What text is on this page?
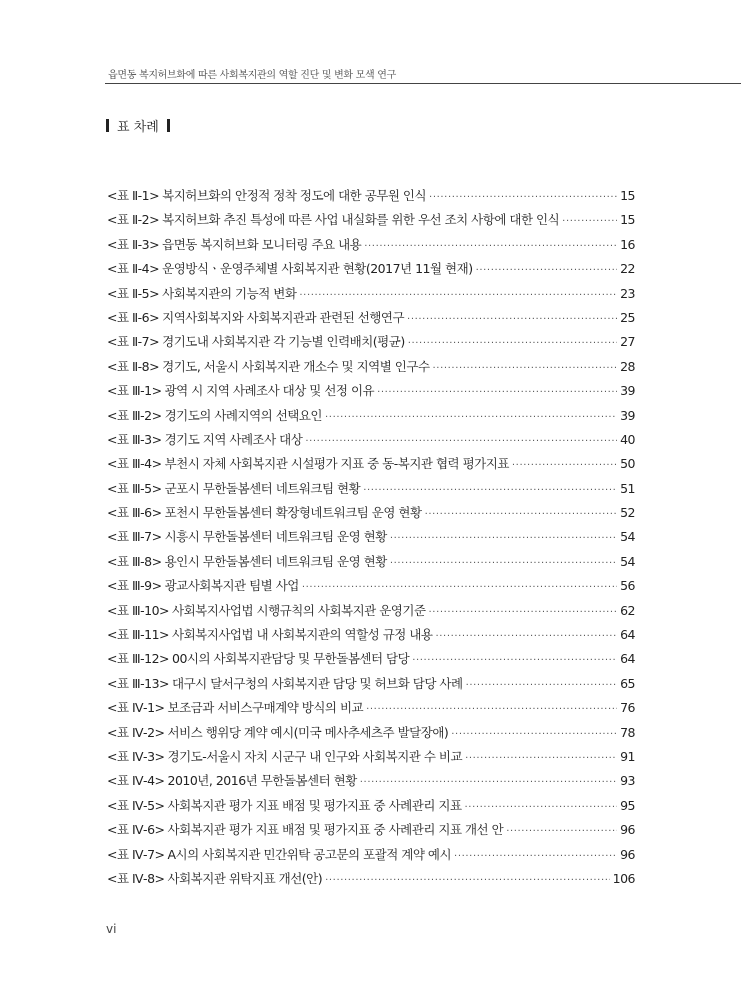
읍면동 복지허브화에 따른 사회복지관의 역할 진단 및 변화 모색 연구
표 차례
<표 Ⅱ-1> 복지허브화의 안정적 정착 정도에 대한 공무원 인식 ·····	15
<표 Ⅱ-2> 복지허브화 추진 특성에 따른 사업 내실화를 위한 우선 조치 사항에 대한 인식 ·····	15
<표 Ⅱ-3> 읍면동 복지허브화 모니터링 주요 내용 ·····	16
<표 Ⅱ-4> 운영방식ㆍ운영주체별 사회복지관 현황(2017년 11월 현재) ·····	22
<표 Ⅱ-5> 사회복지관의 기능적 변화 ·····	23
<표 Ⅱ-6> 지역사회복지와 사회복지관과 관련된 선행연구 ·····	25
<표 Ⅱ-7> 경기도내 사회복지관 각 기능별 인력배치(평균) ·····	27
<표 Ⅱ-8> 경기도, 서울시 사회복지관 개소수 및 지역별 인구수 ·····	28
<표 Ⅲ-1> 광역 시 지역 사례조사 대상 및 선정 이유 ·····	39
<표 Ⅲ-2> 경기도의 사례지역의 선택요인 ·····	39
<표 Ⅲ-3> 경기도 지역 사례조사 대상 ·····	40
<표 Ⅲ-4> 부천시 자체 사회복지관 시설평가 지표 중 동-복지관 협력 평가지표 ·····	50
<표 Ⅲ-5> 군포시 무한돌봄센터 네트워크팀 현황 ·····	51
<표 Ⅲ-6> 포천시 무한돌봄센터 확장형네트워크팀 운영 현황 ·····	52
<표 Ⅲ-7> 시흥시 무한돌봄센터 네트워크팀 운영 현황 ·····	54
<표 Ⅲ-8> 용인시 무한돌봄센터 네트워크팀 운영 현황 ·····	54
<표 Ⅲ-9> 광교사회복지관 팀별 사업 ·····	56
<표 Ⅲ-10> 사회복지사업법 시행규칙의 사회복지관 운영기준 ·····	62
<표 Ⅲ-11> 사회복지사업법 내 사회복지관의 역할성 규정 내용 ·····	64
<표 Ⅲ-12> 00시의 사회복지관담당 및 무한돌봄센터 담당 ·····	64
<표 Ⅲ-13> 대구시 달서구청의 사회복지관 담당 및 허브화 담당 사례 ·····	65
<표 Ⅳ-1> 보조금과 서비스구매계약 방식의 비교 ·····	76
<표 Ⅳ-2> 서비스 행위당 계약 예시(미국 메사추세츠주 발달장애) ·····	78
<표 Ⅳ-3> 경기도-서울시 자치 시군구 내 인구와 사회복지관 수 비교 ·····	91
<표 Ⅳ-4> 2010년, 2016년 무한돌봄센터 현황 ·····	93
<표 Ⅳ-5> 사회복지관 평가 지표 배점 및 평가지표 중 사례관리 지표 ·····	95
<표 Ⅳ-6> 사회복지관 평가 지표 배점 및 평가지표 중 사례관리 지표 개선 안 ·····	96
<표 Ⅳ-7> A시의 사회복지관 민간위탁 공고문의 포괄적 계약 예시 ·····	96
<표 Ⅳ-8> 사회복지관 위탁지표 개선(안) ·····	106
vi
